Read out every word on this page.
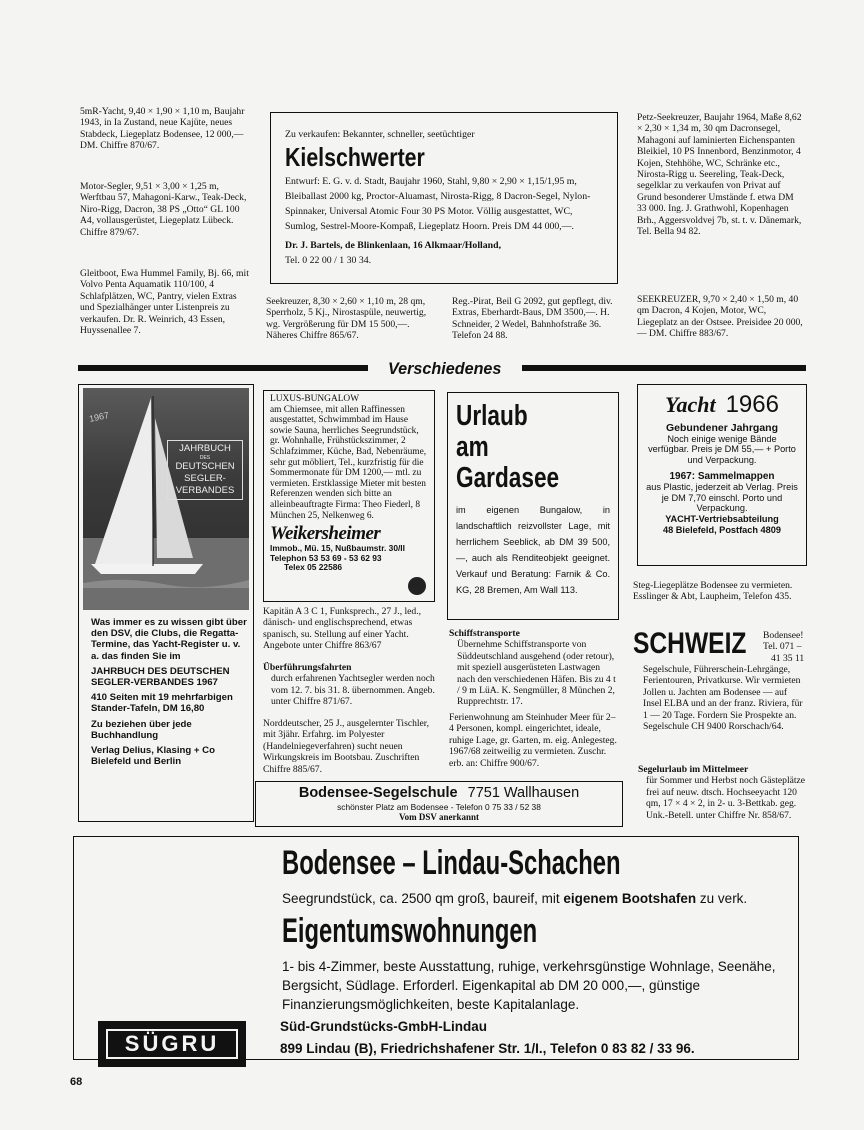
5mR-Yacht, 9,40 × 1,90 × 1,10 m, Baujahr 1943, in Ia Zustand, neue Kajüte, neues Stabdeck, Liegeplatz Bodensee, 12 000,— DM. Chiffre 870/67.

Motor-Segler, 9,51 × 3,00 × 1,25 m, Werftbau 57, Mahagoni-Karw., Teak-Deck, Niro-Rigg, Dacron, 38 PS „Otto“ GL 100 A4, vollausgerüstet, Liegeplatz Lübeck. Chiffre 879/67.

Gleitboot, Ewa Hummel Family, Bj. 66, mit Volvo Penta Aquamatik 110/100, 4 Schlafplätzen, WC, Pantry, vielen Extras und Spezialhänger unter Listenpreis zu verkaufen. Dr. R. Weinrich, 43 Essen, Huyssenallee 7.

Zu verkaufen: Bekannter, schneller, seetüchtiger

Kielschwerter

Entwurf: E. G. v. d. Stadt, Baujahr 1960, Stahl, 9,80 × 2,90 × 1,15/1,95 m, Bleiballast 2000 kg, Proctor-Aluamast, Nirosta-Rigg, 8 Dacron-Segel, Nylon-Spinnaker, Universal Atomic Four 30 PS Motor. Völlig ausgestattet, WC, Sumlog, Sestrel-Moore-Kompaß, Liegeplatz Hoorn. Preis DM 44 000,—.

Dr. J. Bartels, de Blinkenlaan, 16 Alkmaar/Holland,

Tel. 0 22 00 / 1 30 34.

Seekreuzer, 8,30 × 2,60 × 1,10 m, 28 qm, Sperrholz, 5 Kj., Nirostaspüle, neuwertig, wg. Vergrößerung für DM 15 500,—. Näheres Chiffre 865/67.

Reg.-Pirat, Beil G 2092, gut gepflegt, div. Extras, Eberhardt-Baus, DM 3500,—. H. Schneider, 2 Wedel, Bahnhofstraße 36. Telefon 24 88.

Petz-Seekreuzer, Baujahr 1964, Maße 8,62 × 2,30 × 1,34 m, 30 qm Dacronsegel, Mahagoni auf laminierten Eichenspanten Bleikiel, 10 PS Innenbord, Benzinmotor, 4 Kojen, Stehhöhe, WC, Schränke etc., Nirosta-Rigg u. Seereling, Teak-Deck, segelklar zu verkaufen von Privat auf Grund besonderer Umstände f. etwa DM 33 000. Ing. J. Grathwohl, Kopenhagen Brh., Aggersvoldvej 7b, st. t. v. Dänemark, Tel. Bella 94 82.

SEEKREUZER, 9,70 × 2,40 × 1,50 m, 40 qm Dacron, 4 Kojen, Motor, WC, Liegeplatz an der Ostsee. Preisidee 20 000,— DM. Chiffre 883/67.

Verschiedenes
1967
JAHRBUCH
DES
DEUTSCHEN
SEGLER-
VERBANDES

Was immer es zu wissen gibt über den DSV, die Clubs, die Regatta-Termine, das Yacht-Register u. v. a. das finden Sie im

JAHRBUCH DES DEUTSCHEN SEGLER-VERBANDES 1967

410 Seiten mit 19 mehrfarbigen Stander-Tafeln, DM 16,80

Zu beziehen über jede Buchhandlung

Verlag Delius, Klasing + Co Bielefeld und Berlin

LUXUS-BUNGALOW

am Chiemsee, mit allen Raffinessen ausgestattet, Schwimmbad im Hause sowie Sauna, herrliches Seegrundstück, gr. Wohnhalle, Frühstückszimmer, 2 Schlafzimmer, Küche, Bad, Nebenräume, sehr gut möbliert, Tel., kurzfristig für die Sommermonate für DM 1200,— mtl. zu vermieten. Erstklassige Mieter mit besten Referenzen wenden sich bitte an alleinbeauftragte Firma: Theo Fiederl, 8 München 25, Nelkenweg 6.

Weikersheimer
Immob., Mü. 15, Nußbaumstr. 30/II
Telephon 53 53 69 - 53 62 93
Telex 05 22586

Kapitän A 3 C 1, Funksprech., 27 J., led., dänisch- und englischsprechend, etwas spanisch, su. Stellung auf einer Yacht. Angebote unter Chiffre 863/67

Überführungsfahrten

durch erfahrenen Yachtsegler werden noch vom 12. 7. bis 31. 8. übernommen. Angeb. unter Chiffre 871/67.

Norddeutscher, 25 J., ausgelernter Tischler, mit 3jähr. Erfahrg. im Polyester (Handelniegeverfahren) sucht neuen Wirkungskreis im Bootsbau. Zuschriften Chiffre 885/67.

Urlaub
am
Gardasee

im eigenen Bungalow, in landschaftlich reizvollster Lage, mit herrlichem Seeblick, ab DM 39 500,—, auch als Renditeobjekt geeignet. Verkauf und Beratung: Farnik & Co. KG, 28 Bremen, Am Wall 113.

Schiffstransporte

Übernehme Schiffstransporte von Süddeutschland ausgehend (oder retour), mit speziell ausgerüsteten Lastwagen nach den verschiedenen Häfen. Bis zu 4 t / 9 m LüA. K. Sengmüller, 8 München 2, Rupprechtstr. 17.

Ferienwohnung am Steinhuder Meer für 2–4 Personen, kompl. eingerichtet, ideale, ruhige Lage, gr. Garten, m. eig. Anlegesteg. 1967/68 zeitweilig zu vermieten. Zuschr. erb. an: Chiffre 900/67.

Yacht 1966

Gebundener Jahrgang

Noch einige wenige Bände verfügbar. Preis je DM 55,— + Porto und Verpackung.

1967: Sammelmappen

aus Plastic, jederzeit ab Verlag. Preis je DM 7,70 einschl. Porto und Verpackung.

YACHT-Vertriebsabteilung

48 Bielefeld, Postfach 4809

Steg-Liegeplätze Bodensee zu vermieten. Esslinger & Abt, Laupheim, Telefon 435.

SCHWEIZ Bodensee!

Tel. 071 –

41 35 11

Segelschule, Führerschein-Lehrgänge, Ferientouren, Privatkurse. Wir vermieten Jollen u. Jachten am Bodensee — auf Insel ELBA und an der franz. Riviera, für 1 — 20 Tage. Fordern Sie Prospekte an. Segelschule CH 9400 Rorschach/64.

Segelurlaub im Mittelmeer

für Sommer und Herbst noch Gästeplätze frei auf neuw. dtsch. Hochseeyacht 120 qm, 17 × 4 × 2, in 2- u. 3-Bettkab. geg. Unk.-Betell. unter Chiffre Nr. 858/67.

Bodensee-Segelschule 7751 Wallhausen

schönster Platz am Bodensee - Telefon 0 75 33 / 52 38

Vom DSV anerkannt

Bodensee – Lindau-Schachen
Seegrundstück, ca. 2500 qm groß, baureif, mit eigenem Bootshafen zu verk.
Eigentumswohnungen

1- bis 4-Zimmer, beste Ausstattung, ruhige, verkehrsgünstige Wohnlage, Seenähe, Bergsicht, Südlage. Erforderl. Eigenkapital ab DM 20 000,—, günstige Finanzierungsmöglichkeiten, beste Kapitalanlage.

SÜGRU

Süd-Grundstücks-GmbH-Lindau

899 Lindau (B), Friedrichshafener Str. 1/I., Telefon 0 83 82 / 33 96.

68
